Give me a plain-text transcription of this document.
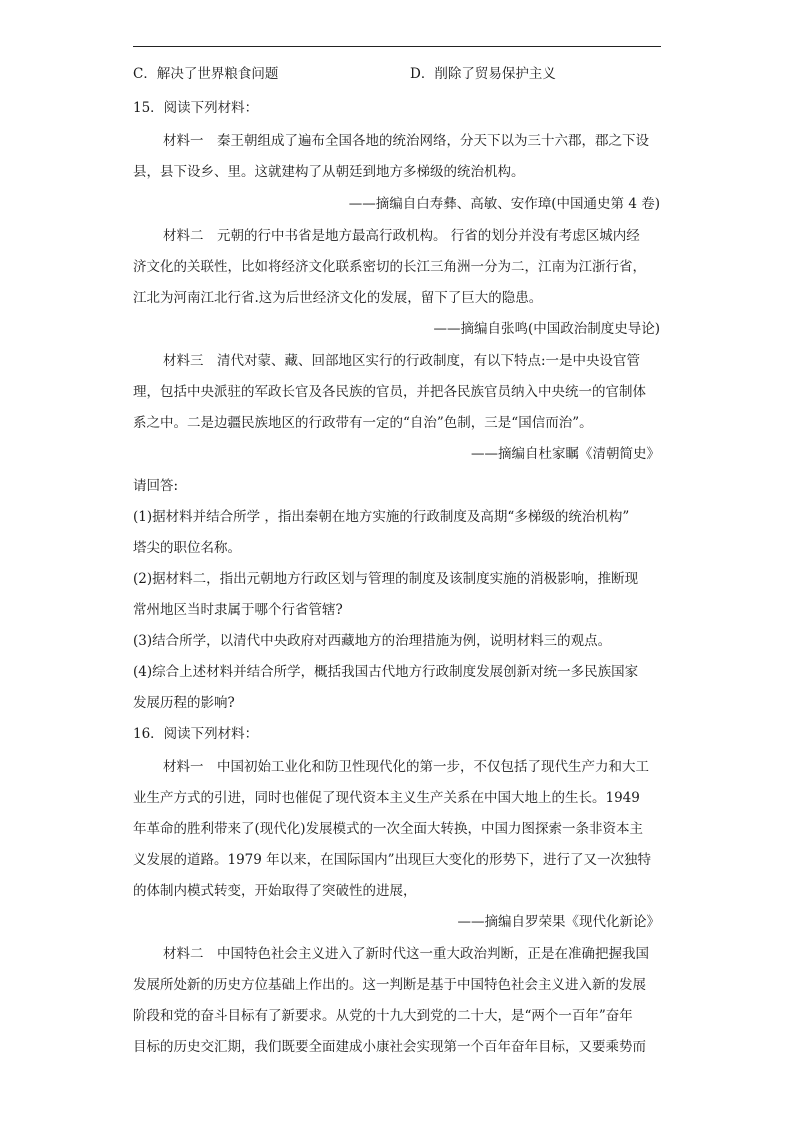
C．解决了世界粮食问题	D．削除了贸易保护主义
15．阅读下列材料：
材料一　秦王朝组成了遍布全国各地的统治网络，分天下以为三十六郡，郡之下设
县，县下设乡、里。这就建构了从朝廷到地方多梯级的统治机构。
——摘编自白寿彝、高敏、安作璋(中国通史第 4 卷)
材料二　元朝的行中书省是地方最高行政机构。 行省的划分并没有考虑区城内经
济文化的关联性，比如将经济文化联系密切的长江三角洲一分为二，江南为江浙行省，
江北为河南江北行省.这为后世经济文化的发展，留下了巨大的隐患。
——摘编自张鸣(中国政治制度史导论)
材料三　清代对蒙、藏、回部地区实行的行政制度，有以下特点:一是中央设官管
理，包括中央派驻的军政长官及各民族的官员，并把各民族官员纳入中央统一的官制体
系之中。二是边疆民族地区的行政带有一定的“自治”色制，三是“国信而治”。
——摘编自杜家瞩《清朝简史》
请回答:
(1)据材料并结合所学 ，指出秦朝在地方实施的行政制度及高期“多梯级的统治机构”
塔尖的职位名称。
(2)据材料二，指出元朝地方行政区划与管理的制度及该制度实施的消极影响，推断现
常州地区当时隶属于哪个行省管辖?
(3)结合所学，以清代中央政府对西藏地方的治理措施为例，说明材料三的观点。
(4)综合上述材料并结合所学，概括我国古代地方行政制度发展创新对统一多民族国家
发展历程的影响?
16．阅读下列材料：
材料一　中国初始工业化和防卫性现代化的第一步，不仅包括了现代生产力和大工
业生产方式的引进，同时也催促了现代资本主义生产关系在中国大地上的生长。1949
年革命的胜利带来了(现代化)发展模式的一次全面大转换，中国力图探索一条非资本主
义发展的道路。1979 年以来，在国际国内”出现巨大变化的形势下，进行了又一次独特
的体制内模式转变，开始取得了突破性的进展，
——摘编自罗荣果《现代化新论》
材料二　中国特色社会主义进入了新时代这一重大政治判断，正是在准确把握我国
发展所处新的历史方位基础上作出的。这一判断是基于中国特色社会主义进入新的发展
阶段和党的奋斗目标有了新要求。从党的十九大到党的二十大，是“两个一百年”奋年
目标的历史交汇期，我们既要全面建成小康社会实现第一个百年奋年目标，又要乘势而
